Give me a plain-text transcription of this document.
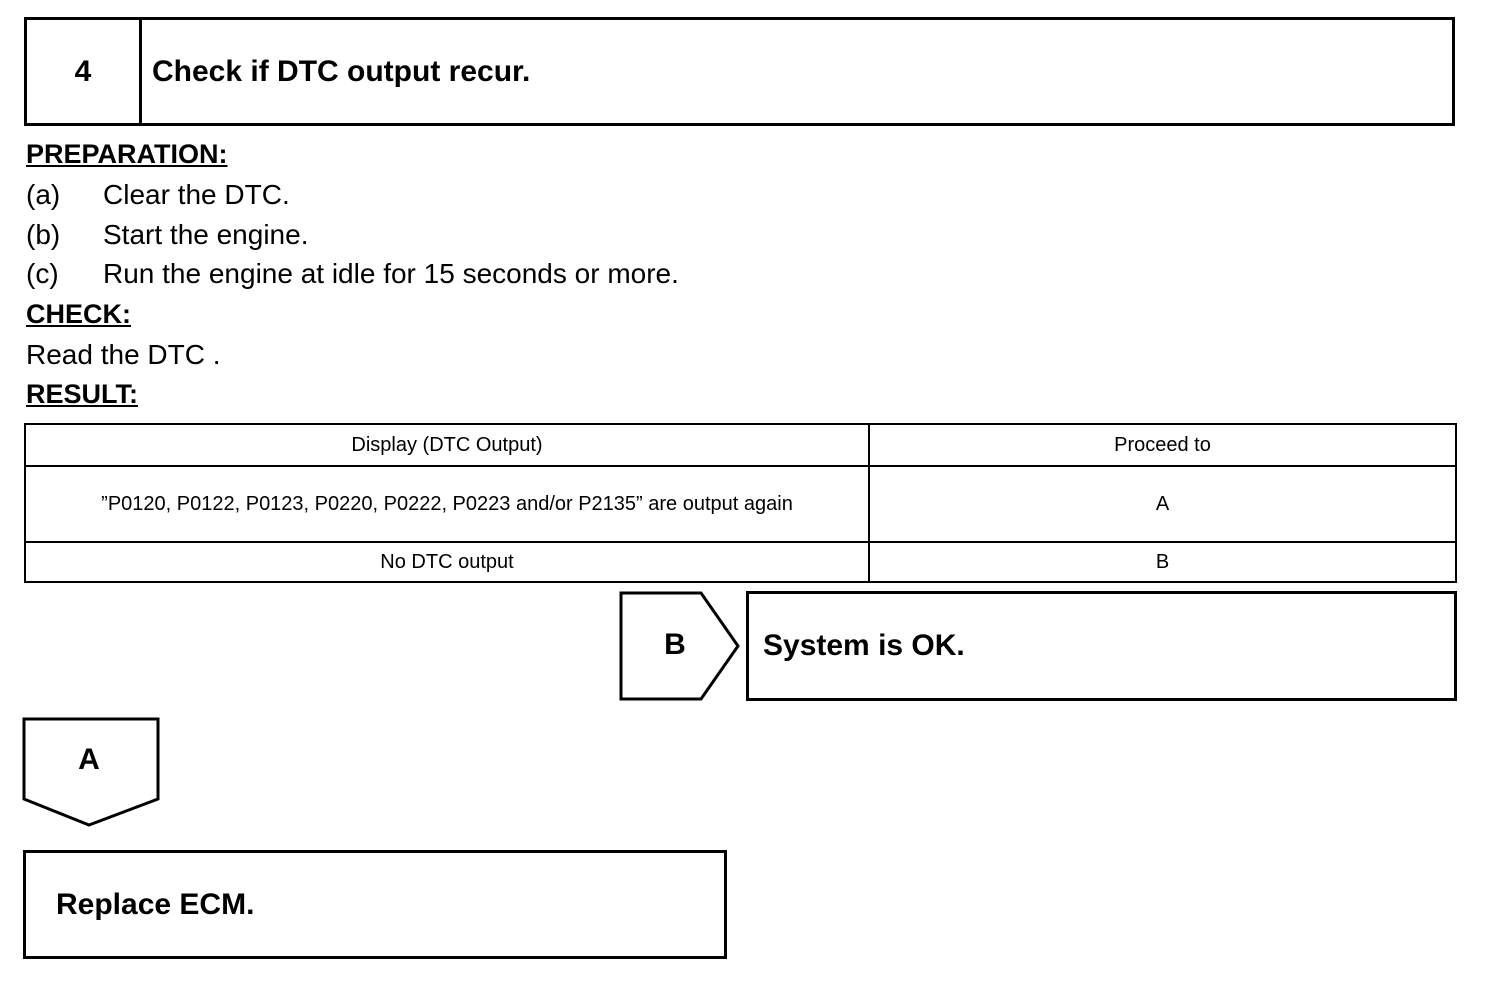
4	Check if DTC output recur.
PREPARATION:
(a) Clear the DTC.
(b) Start the engine.
(c) Run the engine at idle for 15 seconds or more.
CHECK:
Read the DTC .
RESULT:
Display (DTC Output)	Proceed to
”P0120, P0122, P0123, P0220, P0222, P0223 and/or P2135” are output again	A
No DTC output	B
B	System is OK.
A
Replace ECM.
